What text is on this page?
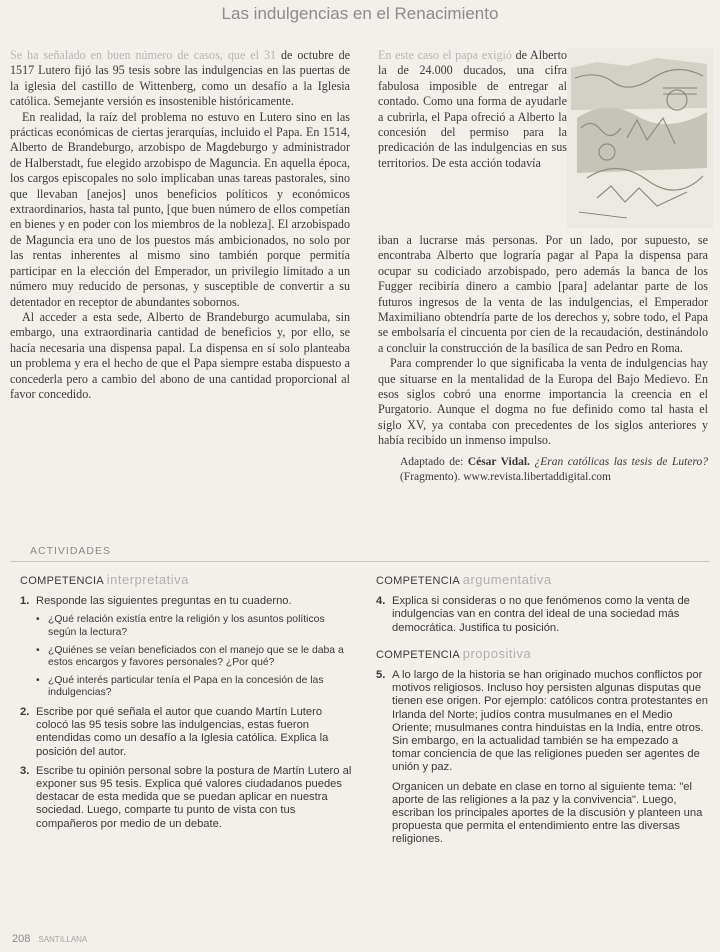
Las indulgencias en el Renacimiento

Se ha señalado en buen número de casos, que el 31 de octubre de 1517 Lutero fijó las 95 tesis sobre las indulgencias en las puertas de la iglesia del castillo de Wittenberg, como un desafío a la Iglesia católica. Semejante versión es insostenible históricamente.

En realidad, la raíz del problema no estuvo en Lutero sino en las prácticas económicas de ciertas jerarquías, incluido el Papa. En 1514, Alberto de Brandeburgo, arzobispo de Magdeburgo y administrador de Halberstadt, fue elegido arzobispo de Maguncia. En aquella época, los cargos episcopales no solo implicaban unas tareas pastorales, sino que llevaban [anejos] unos beneficios políticos y económicos extraordinarios, hasta tal punto, [que buen número de ellos competían en bienes y en poder con los miembros de la nobleza]. El arzobispado de Maguncia era uno de los puestos más ambicionados, no solo por las rentas inherentes al mismo sino también porque permitía participar en la elección del Emperador, un privilegio limitado a un número muy reducido de personas, y susceptible de convertir a su detentador en receptor de abundantes sobornos.

Al acceder a esta sede, Alberto de Brandeburgo acumulaba, sin embargo, una extraordinaria cantidad de beneficios y, por ello, se hacía necesaria una dispensa papal. La dispensa en sí solo planteaba un problema y era el hecho de que el Papa siempre estaba dispuesto a concederla pero a cambio del abono de una cantidad proporcional al favor concedido.

En este caso el papa exigió de Alberto la de 24.000 ducados, una cifra fabulosa imposible de entregar al contado. Como una forma de ayudarle a cubrirla, el Papa ofreció a Alberto la concesión del permiso para la predicación de las indulgencias en sus territorios. De esta acción todavía

iban a lucrarse más personas. Por un lado, por supuesto, se encontraba Alberto que lograría pagar al Papa la dispensa para ocupar su codiciado arzobispado, pero además la banca de los Fugger recibiría dinero a cambio [para] adelantar parte de los futuros ingresos de la venta de las indulgencias, el Emperador Maximiliano obtendría parte de los derechos y, sobre todo, el Papa se embolsaría el cincuenta por cien de la recaudación, destinándolo a concluir la construcción de la basílica de san Pedro en Roma.

Para comprender lo que significaba la venta de indulgencias hay que situarse en la mentalidad de la Europa del Bajo Medievo. En esos siglos cobró una enorme importancia la creencia en el Purgatorio. Aunque el dogma no fue definido como tal hasta el siglo XV, ya contaba con precedentes de los siglos anteriores y había recibido un inmenso impulso.

Adaptado de: César Vidal. ¿Eran católicas las tesis de Lutero? (Fragmento). www.revista.libertaddigital.com

ACTIVIDADES
COMPETENCIA interpretativa
1. Responde las siguientes preguntas en tu cuaderno.
• ¿Qué relación existía entre la religión y los asuntos políticos según la lectura?
• ¿Quiénes se veían beneficiados con el manejo que se le daba a estos encargos y favores personales? ¿Por qué?
• ¿Qué interés particular tenía el Papa en la concesión de las indulgencias?
2. Escribe por qué señala el autor que cuando Martín Lutero colocó las 95 tesis sobre las indulgencias, estas fueron entendidas como un desafío a la Iglesia católica. Explica la posición del autor.
3. Escribe tu opinión personal sobre la postura de Martín Lutero al exponer sus 95 tesis. Explica qué valores ciudadanos puedes destacar de esta medida que se puedan aplicar en nuestra sociedad. Luego, comparte tu punto de vista con tus compañeros por medio de un debate.
COMPETENCIA argumentativa
4. Explica si consideras o no que fenómenos como la venta de indulgencias van en contra del ideal de una sociedad más democrática. Justifica tu posición.
COMPETENCIA propositiva
5. A lo largo de la historia se han originado muchos conflictos por motivos religiosos. Incluso hoy persisten algunas disputas que tienen ese origen. Por ejemplo: católicos contra protestantes en Irlanda del Norte; judíos contra musulmanes en el Medio Oriente; musulmanes contra hinduistas en la India, entre otros. Sin embargo, en la actualidad también se ha empezado a tomar conciencia de que las religiones pueden ser agentes de unión y paz.
Organicen un debate en clase en torno al siguiente tema: "el aporte de las religiones a la paz y la convivencia". Luego, escriban los principales aportes de la discusión y planteen una propuesta que permita el entendimiento entre las diversas religiones.
208 SANTILLANA
